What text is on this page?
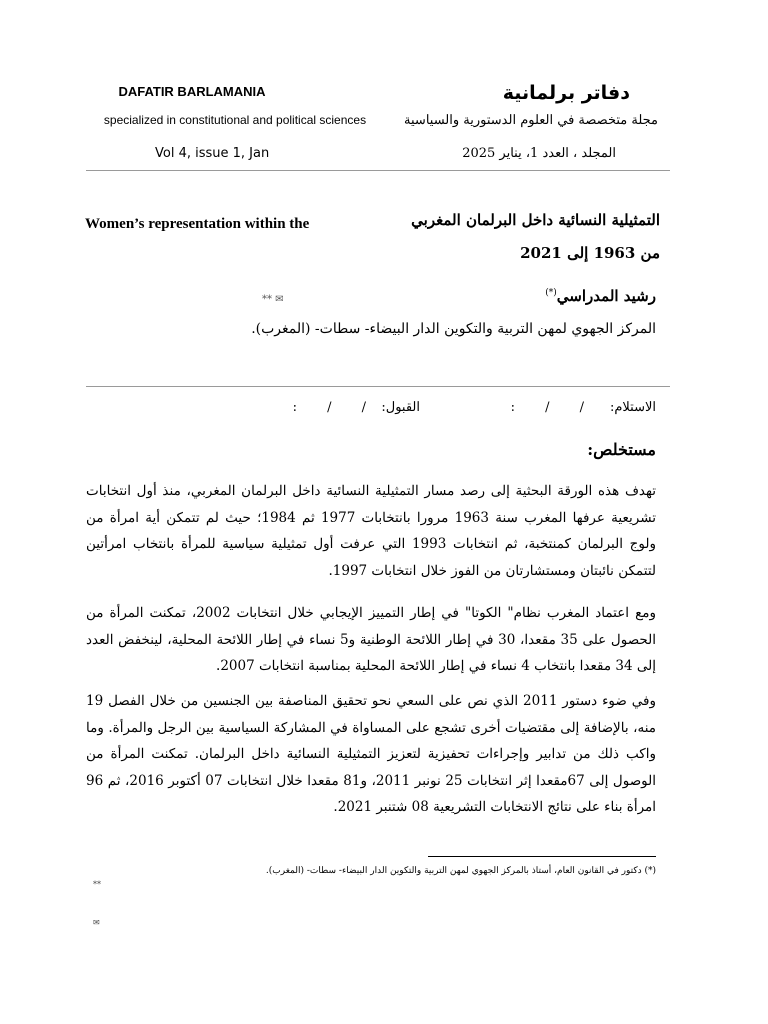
DAFATIR BARLAMANIA
specialized in constitutional and political sciences
Vol 4, issue 1, Jan
دفاتر برلمانية
مجلة متخصصة في العلوم الدستورية والسياسية
المجلد ، العدد 1، يناير 2025
Women’s representation within the	التمثيلية النسائية داخل البرلمان المغربي
من 1963 إلى 2021
** ✉	رشيد المدراسي(*)
المركز الجهوي لمهن التربية والتكوين الدار البيضاء- سطات- (المغرب).
الاستلام:
/ / :
القبول:
/ / :
مستخلص:
تهدف هذه الورقة البحثية إلى رصد مسار التمثيلية النسائية داخل البرلمان المغربي، منذ أول انتخابات تشريعية عرفها المغرب سنة 1963 مرورا بانتخابات 1977 ثم 1984؛ حيث لم تتمكن أية امرأة من ولوج البرلمان كمنتخبة، ثم انتخابات 1993 التي عرفت أول تمثيلية سياسية للمرأة بانتخاب امرأتين لتتمكن نائبتان ومستشارتان من الفوز خلال انتخابات 1997.
ومع اعتماد المغرب نظام" الكوتا" في إطار التمييز الإيجابي خلال انتخابات 2002، تمكنت المرأة من الحصول على 35 مقعدا، 30 في إطار اللائحة الوطنية و5 نساء في إطار اللائحة المحلية، لينخفض العدد إلى 34 مقعدا بانتخاب 4 نساء في إطار اللائحة المحلية بمناسبة انتخابات 2007.
وفي ضوء دستور 2011 الذي نص على السعي نحو تحقيق المناصفة بين الجنسين من خلال الفصل 19 منه، بالإضافة إلى مقتضيات أخرى تشجع على المساواة في المشاركة السياسية بين الرجل والمرأة. وما واكب ذلك من تدابير وإجراءات تحفيزية لتعزيز التمثيلية النسائية داخل البرلمان. تمكنت المرأة من الوصول إلى 67مقعدا إثر انتخابات 25 نونبر 2011، و81 مقعدا خلال انتخابات 07 أكتوبر 2016، ثم 96 امرأة بناء على نتائج الانتخابات التشريعية 08 شتنبر 2021.
(*) دكتور في القانون العام، أستاذ بالمركز الجهوي لمهن التربية والتكوين الدار البيضاء- سطات- (المغرب).
**
✉
